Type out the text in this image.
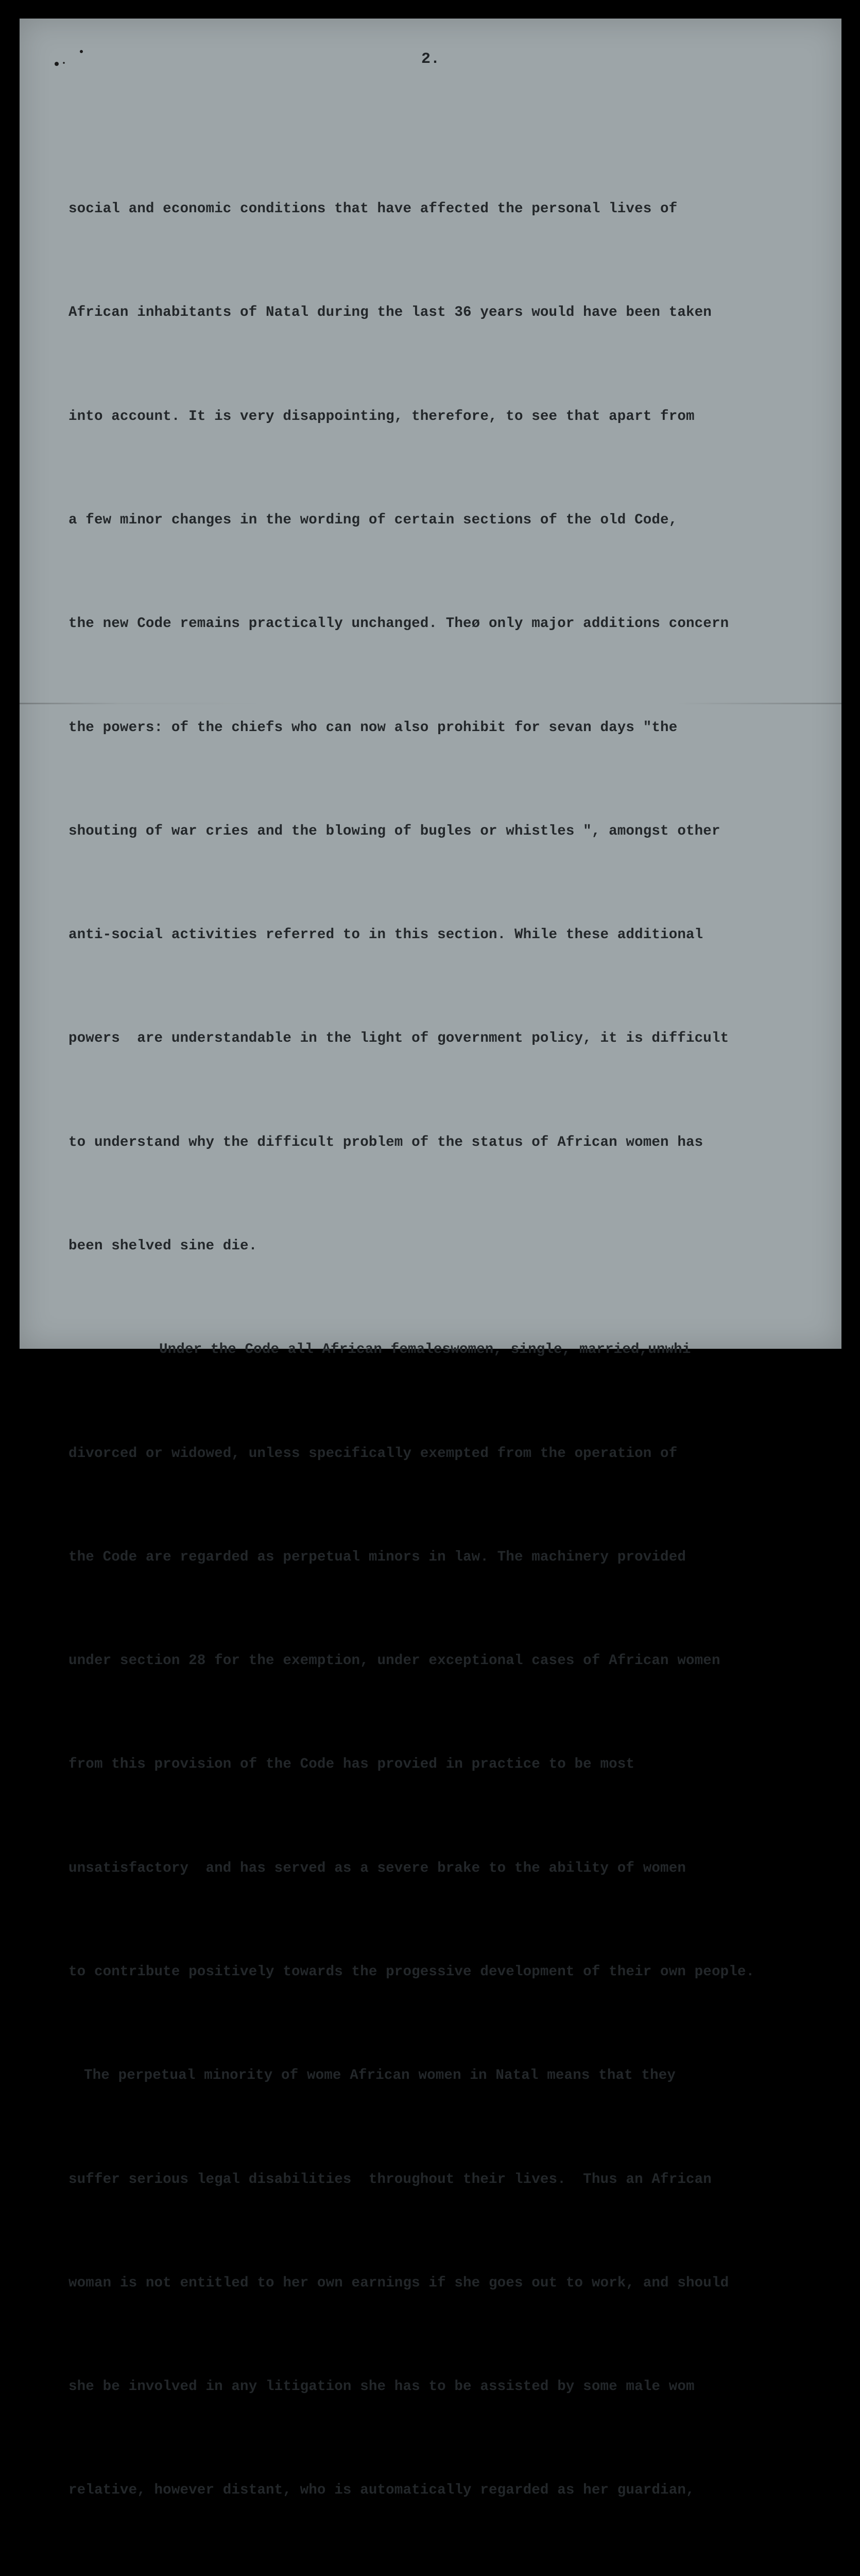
2.

social and economic conditions that have affected the personal lives of

African inhabitants of Natal during the last 36 years would have been taken

into account. It is very disappointing, therefore, to see that apart from

a few minor changes in the wording of certain sections of the old Code,

the new Code remains practically unchanged. Theø only major additions concern

the powers: of the chiefs who can now also prohibit for sevan days "the

shouting of war cries and the blowing of bugles or whistles ", amongst other

anti-social activities referred to in this section. While these additional

powers  are understandable in the light of government policy, it is difficult

to understand why the difficult problem of the status of African women has

been shelved sine die.

Under the Code all African femaleswomen, single, married,unwhi

divorced or widowed, unless specifically exempted from the operation of

the Code are regarded as perpetual minors in law. The machinery provided

under section 28 for the exemption, under exceptional cases of African women

from this provision of the Code has provied in practice to be most

unsatisfactory  and has served as a severe brake to the ability of women

to contribute positively towards the progessive development of their own people.

The perpetual minority of wome African women in Natal means that they

suffer serious legal disabilities  throughout their lives.  Thus an African

woman is not entitled to her own earnings if she goes out to work, and should

she be involved in any litigation she has to be assisted by some male wom

relative, however distant, who is automatically regarded as her guardian,
